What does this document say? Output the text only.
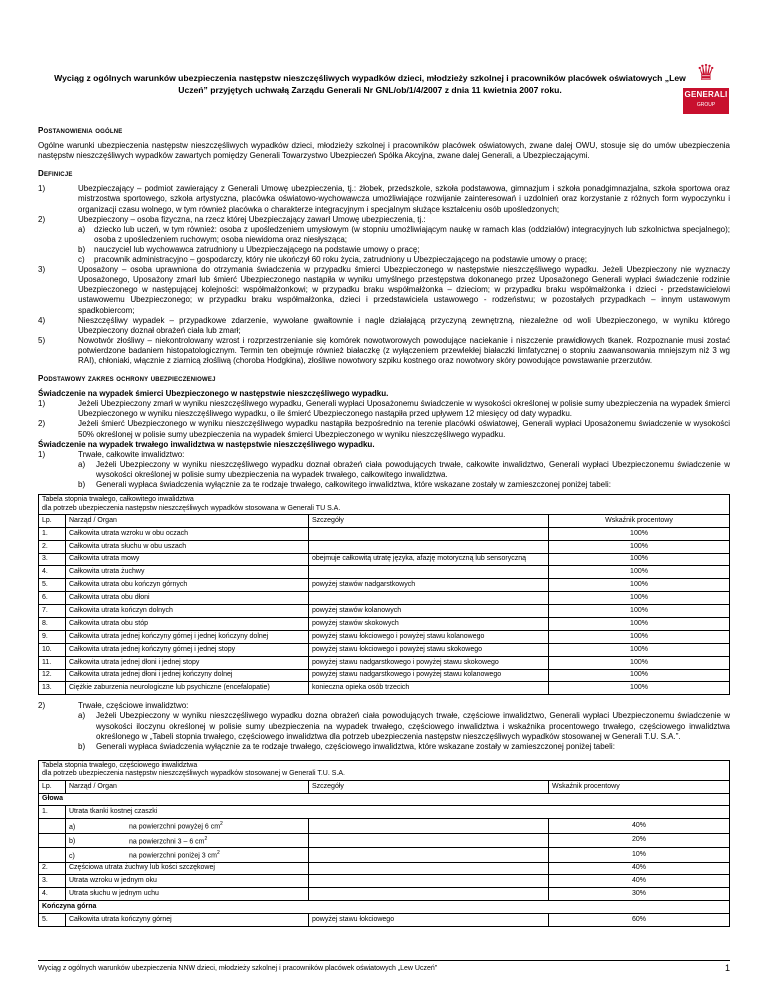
Wyciąg z ogólnych warunków ubezpieczenia następstw nieszczęśliwych wypadków dzieci, młodzieży szkolnej i pracowników placówek oświatowych „Lew Uczeń” przyjętych uchwałą Zarządu Generali Nr GNL/ob/1/4/2007 z dnia 11 kwietnia 2007 roku.
♛
GENERALI
GROUP
Postanowienia ogólne

Ogólne warunki ubezpieczenia następstw nieszczęśliwych wypadków dzieci, młodzieży szkolnej i pracowników placówek oświatowych, zwane dalej OWU, stosuje się do umów ubezpieczenia następstw nieszczęśliwych wypadków zawartych pomiędzy Generali Towarzystwo Ubezpieczeń Spółka Akcyjna, zwane dalej Generali, a Ubezpieczającymi.

Definicje
1)	Ubezpieczający – podmiot zawierający z Generali Umowę ubezpieczenia, tj.: żłobek, przedszkole, szkoła podstawowa, gimnazjum i szkoła ponadgimnazjalna, szkoła sportowa oraz mistrzostwa sportowego, szkoła artystyczna, placówka oświatowo-wychowawcza umożliwiające rozwijanie zainteresowań i uzdolnień oraz korzystanie z różnych form wypoczynku i organizacji czasu wolnego, w tym również placówka o charakterze integracyjnym i specjalnym służące kształceniu osób upośledzonych;
2)	Ubezpieczony – osoba fizyczna, na rzecz której Ubezpieczający zawarł Umowę ubezpieczenia, tj.:
a) dziecko lub uczeń, w tym również: osoba z upośledzeniem umysłowym (w stopniu umożliwiającym naukę w ramach klas (oddziałów) integracyjnych lub szkolnictwa specjalnego); osoba z upośledzeniem ruchowym; osoba niewidoma oraz niesłysząca;
b) nauczyciel lub wychowawca zatrudniony u Ubezpieczającego na podstawie umowy o pracę;
c) pracownik administracyjno – gospodarczy, który nie ukończył 60 roku życia, zatrudniony u Ubezpieczającego na podstawie umowy o pracę;
3)	Uposażony – osoba uprawniona do otrzymania świadczenia w przypadku śmierci Ubezpieczonego w następstwie nieszczęśliwego wypadku. Jeżeli Ubezpieczony nie wyznaczy Uposażonego, Uposażony zmarł lub śmierć Ubezpieczonego nastąpiła w wyniku umyślnego przestępstwa dokonanego przez Uposażonego Generali wypłaci świadczenie rodzinie Ubezpieczonego w następującej kolejności: współmałżonkowi; w przypadku braku współmałżonka – dzieciom; w przypadku braku współmałżonka i dzieci - przedstawicielowi ustawowemu Ubezpieczonego; w przypadku braku współmałżonka, dzieci i przedstawiciela ustawowego - rodzeństwu; w pozostałych przypadkach – innym ustawowym spadkobiercom;
4)	Nieszczęśliwy wypadek – przypadkowe zdarzenie, wywołane gwałtownie i nagle działającą przyczyną zewnętrzną, niezależne od woli Ubezpieczonego, w wyniku którego Ubezpieczony doznał obrażeń ciała lub zmarł;
5)	Nowotwór złośliwy – niekontrolowany wzrost i rozprzestrzenianie się komórek nowotworowych powodujące naciekanie i niszczenie prawidłowych tkanek. Rozpoznanie musi zostać potwierdzone badaniem histopatologicznym. Termin ten obejmuje również białaczkę (z wyłączeniem przewlekłej białaczki limfatycznej o stopniu zaawansowania mniejszym niż 3 wg RAI), chłoniaki, włącznie z ziarnicą złośliwą (choroba Hodgkina), złośliwe nowotwory szpiku kostnego oraz nowotwory skóry powodujące powstawanie przerzutów.
Podstawowy zakres ochrony ubezpieczeniowej
Świadczenie na wypadek śmierci Ubezpieczonego w następstwie nieszczęśliwego wypadku.
1)	Jeżeli Ubezpieczony zmarł w wyniku nieszczęśliwego wypadku, Generali wypłaci Uposażonemu świadczenie w wysokości określonej w polisie sumy ubezpieczenia na wypadek śmierci Ubezpieczonego w wyniku nieszczęśliwego wypadku, o ile śmierć Ubezpieczonego nastąpiła przed upływem 12 miesięcy od daty wypadku.
2)	Jeżeli śmierć Ubezpieczonego w wyniku nieszczęśliwego wypadku nastąpiła bezpośrednio na terenie placówki oświatowej, Generali wypłaci Uposażonemu świadczenie w wysokości 50% określonej w polisie sumy ubezpieczenia na wypadek śmierci Ubezpieczonego w wyniku nieszczęśliwego wypadku.
Świadczenie na wypadek trwałego inwalidztwa w następstwie nieszczęśliwego wypadku.
1)	Trwałe, całkowite inwalidztwo:
a) Jeżeli Ubezpieczony w wyniku nieszczęśliwego wypadku doznał obrażeń ciała powodujących trwałe, całkowite inwalidztwo, Generali wypłaci Ubezpieczonemu świadczenie w wysokości określonej w polisie sumy ubezpieczenia na wypadek trwałego, całkowitego inwalidztwa.
b) Generali wypłaca świadczenia wyłącznie za te rodzaje trwałego, całkowitego inwalidztwa, które wskazane zostały w zamieszczonej poniżej tabeli:
Tabela stopnia trwałego, całkowitego inwalidztwa
dla potrzeb ubezpieczenia następstw nieszczęśliwych wypadków stosowana w Generali TU S.A.			
Lp.	Narząd / Organ	Szczegóły	Wskaźnik procentowy
1.	Całkowita utrata wzroku w obu oczach		100%
2.	Całkowita utrata słuchu w obu uszach		100%
3.	Całkowita utrata mowy	obejmuje całkowitą utratę języka, afazję motoryczną lub sensoryczną	100%
4.	Całkowita utrata żuchwy		100%
5.	Całkowita utrata obu kończyn górnych	powyżej stawów nadgarstkowych	100%
6.	Całkowita utrata obu dłoni		100%
7.	Całkowita utrata kończyn dolnych	powyżej stawów kolanowych	100%
8.	Całkowita utrata obu stóp	powyżej stawów skokowych	100%
9.	Całkowita utrata jednej kończyny górnej i jednej kończyny dolnej	powyżej stawu łokciowego i powyżej stawu kolanowego	100%
10.	Całkowita utrata jednej kończyny górnej i jednej stopy	powyżej stawu łokciowego i powyżej stawu skokowego	100%
11.	Całkowita utrata jednej dłoni i jednej stopy	powyżej stawu nadgarstkowego i powyżej stawu skokowego	100%
12.	Całkowita utrata jednej dłoni i jednej kończyny dolnej	powyżej stawu nadgarstkowego i powyżej stawu kolanowego	100%
13.	Ciężkie zaburzenia neurologiczne lub psychiczne (encefalopatie)	konieczna opieka osób trzecich	100%
2)	Trwałe, częściowe inwalidztwo:
a) Jeżeli Ubezpieczony w wyniku nieszczęśliwego wypadku dozna obrażeń ciała powodujących trwałe, częściowe inwalidztwo, Generali wypłaci Ubezpieczonemu świadczenie w wysokości iloczynu określonej w polisie sumy ubezpieczenia na wypadek trwałego, częściowego inwalidztwa i wskaźnika procentowego trwałego, częściowego inwalidztwa określonego w „Tabeli stopnia trwałego, częściowego inwalidztwa dla potrzeb ubezpieczenia następstw nieszczęśliwych wypadków stosowanej w Generali T.U. S.A.”.
b) Generali wypłaca świadczenia wyłącznie za te rodzaje trwałego, częściowego inwalidztwa, które wskazane zostały w zamieszczonej poniżej tabeli:
Tabela stopnia trwałego, częściowego inwalidztwa
dla potrzeb ubezpieczenia następstw nieszczęśliwych wypadków stosowanej w Generali T.U. S.A.			
Lp.	Narząd / Organ	Szczegóły	Wskaźnik procentowy
Głowa			
1.	Utrata tkanki kostnej czaszki		
	a) na powierzchni powyżej 6 $cm^2$		40%
	b) na powierzchni 3 – 6 $cm^2$		20%
	c) na powierzchni poniżej 3 $cm^2$		10%
2.	Częściowa utrata żuchwy lub kości szczękowej		40%
3.	Utrata wzroku w jednym oku		40%
4.	Utrata słuchu w jednym uchu		30%
Kończyna górna			
5.	Całkowita utrata kończyny górnej	powyżej stawu łokciowego	60%
Wyciąg z ogólnych warunków ubezpieczenia NNW dzieci, młodzieży szkolnej i pracowników placówek oświatowych „Lew Uczeń”	1
